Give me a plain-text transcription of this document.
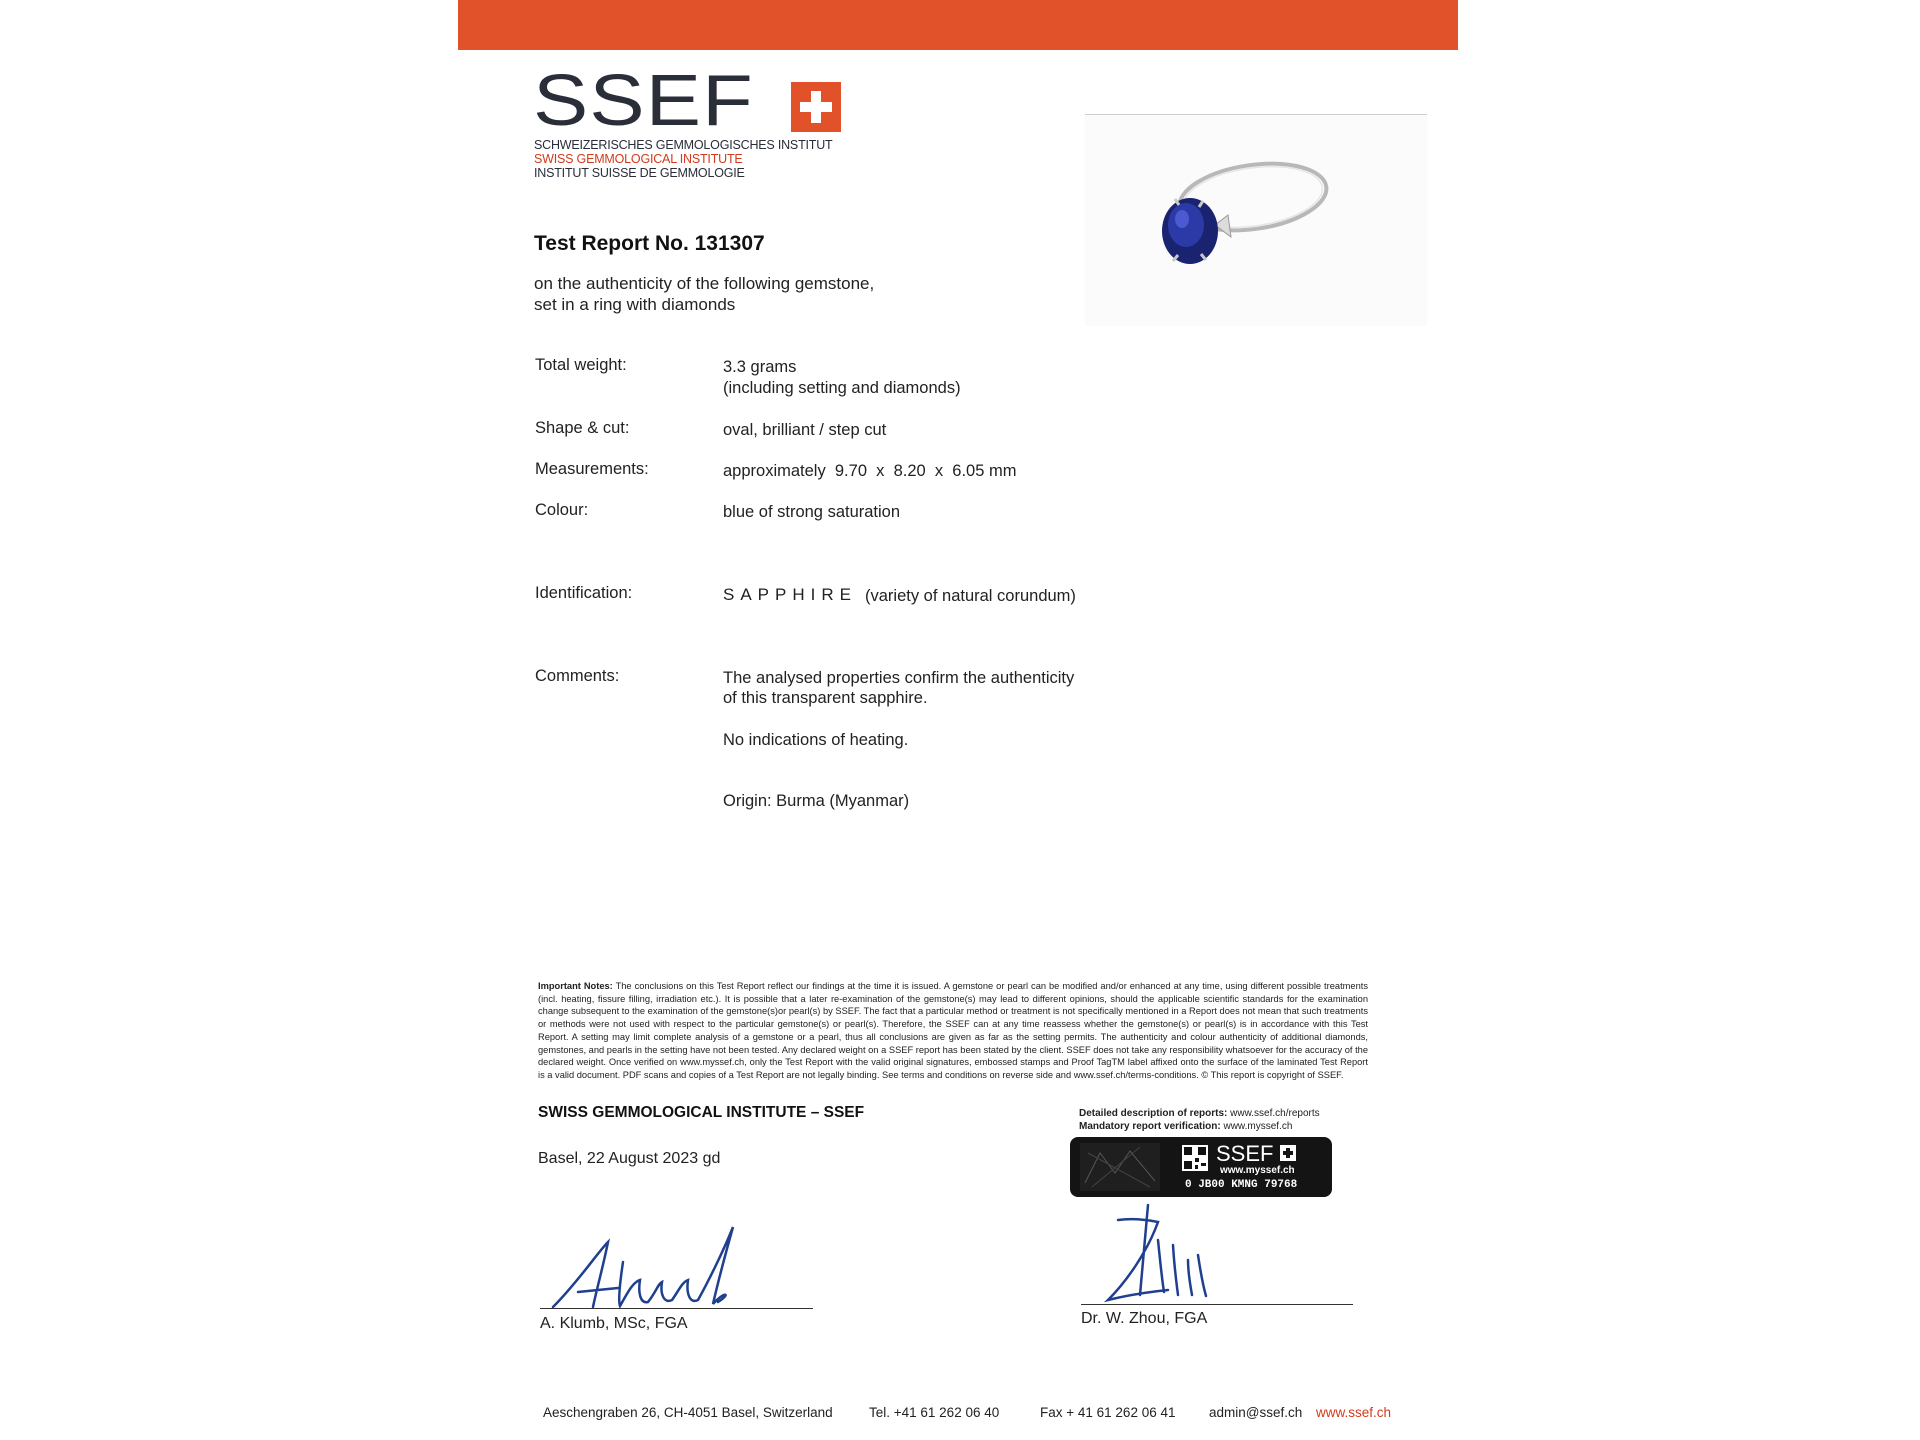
SSEF
SCHWEIZERISCHES GEMMOLOGISCHES INSTITUT
SWISS GEMMOLOGICAL INSTITUTE
INSTITUT SUISSE DE GEMMOLOGIE
Test Report No. 131307
on the authenticity of the following gemstone,
set in a ring with diamonds
Total weight:	3.3 grams
(including setting and diamonds)
Shape & cut:	oval, brilliant / step cut
Measurements:	approximately  9.70  x  8.20  x  6.05 mm
Colour:	blue of strong saturation
Identification:	SAPPHIRE (variety of natural corundum)
Comments:	The analysed properties confirm the authenticity
of this transparent sapphire.
No indications of heating.
Origin: Burma (Myanmar)
Important Notes: The conclusions on this Test Report reflect our findings at the time it is issued. A gemstone or pearl can be modified and/or enhanced at any time, using different possible treatments (incl. heating, fissure filling, irradiation etc.). It is possible that a later re-examination of the gemstone(s) may lead to different opinions, should the applicable scientific standards for the examination change subsequent to the examination of the gemstone(s)or pearl(s) by SSEF. The fact that a particular method or treatment is not specifically mentioned in a Report does not mean that such treatments or methods were not used with respect to the particular gemstone(s) or pearl(s). Therefore, the SSEF can at any time reassess whether the gemstone(s) or pearl(s) is in accordance with this Test Report. A setting may limit complete analysis of a gemstone or a pearl, thus all conclusions are given as far as the setting permits. The authenticity and colour authenticity of additional diamonds, gemstones, and pearls in the setting have not been tested. Any declared weight on a SSEF report has been stated by the client. SSEF does not take any responsibility whatsoever for the accuracy of the declared weight. Once verified on www.myssef.ch, only the Test Report with the valid original signatures, embossed stamps and Proof TagTM label affixed onto the surface of the laminated Test Report is a valid document. PDF scans and copies of a Test Report are not legally binding. See terms and conditions on reverse side and www.ssef.ch/terms-conditions. © This report is copyright of SSEF.
SWISS GEMMOLOGICAL INSTITUTE – SSEF
Basel, 22 August 2023 gd
Detailed description of reports: www.ssef.ch/reports
Mandatory report verification: www.myssef.ch
SSEF
www.myssef.ch
0 JB00 KMNG 79768
A. Klumb, MSc, FGA	Dr. W. Zhou, FGA
Aeschengraben 26, CH-4051 Basel, Switzerland	Tel. +41 61 262 06 40	Fax + 41 61 262 06 41 admin@ssef.ch www.ssef.ch
